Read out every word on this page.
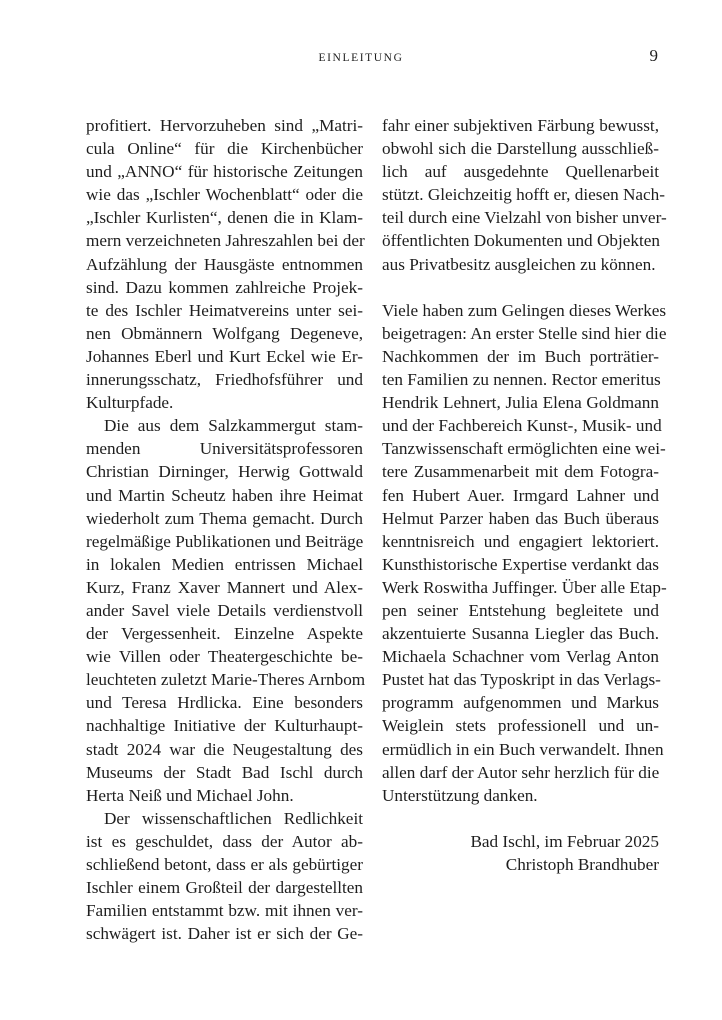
EINLEITUNG	9
profitiert. Hervorzuheben sind „Matri-
cula Online“ für die Kirchenbücher
und „ANNO“ für historische Zeitungen
wie das „Ischler Wochenblatt“ oder die
„Ischler Kurlisten“, denen die in Klam-
mern verzeichneten Jahreszahlen bei der
Aufzählung der Hausgäste entnommen
sind. Dazu kommen zahlreiche Projek-
te des Ischler Heimatvereins unter sei-
nen Obmännern Wolfgang Degeneve,
Johannes Eberl und Kurt Eckel wie Er-
innerungsschatz, Friedhofsführer und
Kulturpfade.
Die aus dem Salzkammergut stam-
menden Universitätsprofessoren
Christian Dirninger, Herwig Gottwald
und Martin Scheutz haben ihre Heimat
wiederholt zum Thema gemacht. Durch
regelmäßige Publikationen und Beiträge
in lokalen Medien entrissen Michael
Kurz, Franz Xaver Mannert und Alex-
ander Savel viele Details verdienstvoll
der Vergessenheit. Einzelne Aspekte
wie Villen oder Theatergeschichte be-
leuchteten zuletzt Marie-Theres Arnbom
und Teresa Hrdlicka. Eine besonders
nachhaltige Initiative der Kulturhaupt-
stadt 2024 war die Neugestaltung des
Museums der Stadt Bad Ischl durch
Herta Neiß und Michael John.
Der wissenschaftlichen Redlichkeit
ist es geschuldet, dass der Autor ab-
schließend betont, dass er als gebürtiger
Ischler einem Großteil der dargestellten
Familien entstammt bzw. mit ihnen ver-
schwägert ist. Daher ist er sich der Ge-
fahr einer subjektiven Färbung bewusst,
obwohl sich die Darstellung ausschließ-
lich auf ausgedehnte Quellenarbeit
stützt. Gleichzeitig hofft er, diesen Nach-
teil durch eine Vielzahl von bisher unver-
öffentlichten Dokumenten und Objekten
aus Privatbesitz ausgleichen zu können.
Viele haben zum Gelingen dieses Werkes
beigetragen: An erster Stelle sind hier die
Nachkommen der im Buch porträtier-
ten Familien zu nennen. Rector emeritus
Hendrik Lehnert, Julia Elena Goldmann
und der Fachbereich Kunst-, Musik- und
Tanzwissenschaft ermöglichten eine wei-
tere Zusammenarbeit mit dem Fotogra-
fen Hubert Auer. Irmgard Lahner und
Helmut Parzer haben das Buch überaus
kenntnisreich und engagiert lektoriert.
Kunsthistorische Expertise verdankt das
Werk Roswitha Juffinger. Über alle Etap-
pen seiner Entstehung begleitete und
akzentuierte Susanna Liegler das Buch.
Michaela Schachner vom Verlag Anton
Pustet hat das Typoskript in das Verlags-
programm aufgenommen und Markus
Weiglein stets professionell und un-
ermüdlich in ein Buch verwandelt. Ihnen
allen darf der Autor sehr herzlich für die
Unterstützung danken.
Bad Ischl, im Februar 2025
Christoph Brandhuber
